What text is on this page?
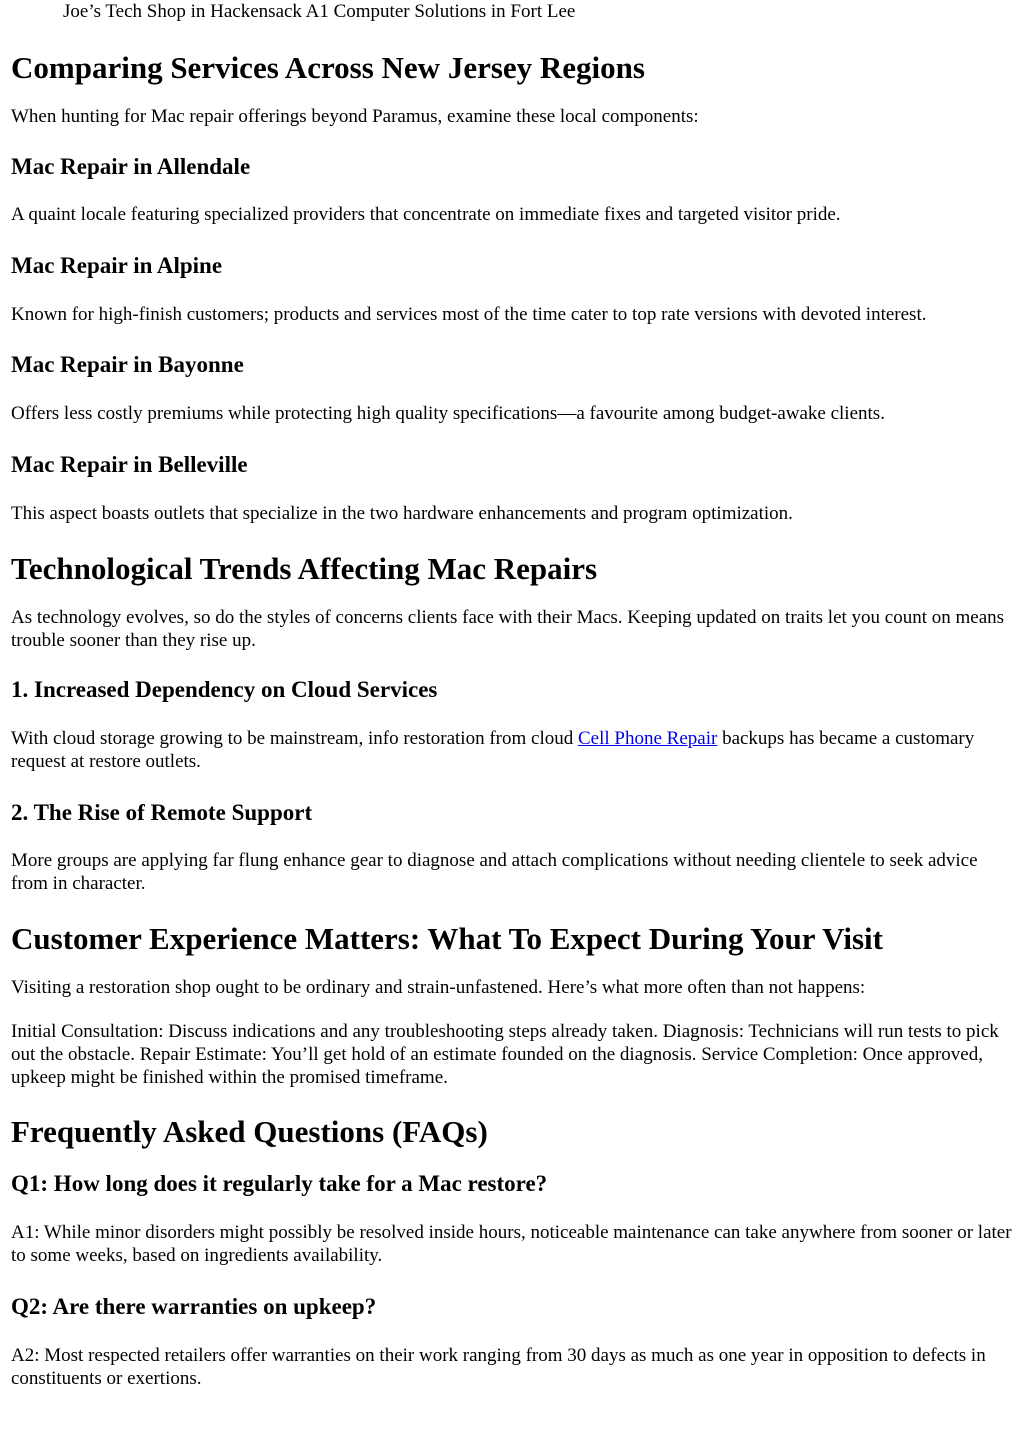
Joe’s Tech Shop in Hackensack A1 Computer Solutions in Fort Lee
Comparing Services Across New Jersey Regions

When hunting for Mac repair offerings beyond Paramus, examine these local components:

Mac Repair in Allendale

A quaint locale featuring specialized providers that concentrate on immediate fixes and targeted visitor pride.

Mac Repair in Alpine

Known for high-finish customers; products and services most of the time cater to top rate versions with devoted interest.

Mac Repair in Bayonne

Offers less costly premiums while protecting high quality specifications—a favourite among budget-awake clients.

Mac Repair in Belleville

This aspect boasts outlets that specialize in the two hardware enhancements and program optimization.

Technological Trends Affecting Mac Repairs

As technology evolves, so do the styles of concerns clients face with their Macs. Keeping updated on traits let you count on means trouble sooner than they rise up.

1. Increased Dependency on Cloud Services

With cloud storage growing to be mainstream, info restoration from cloud Cell Phone Repair backups has became a customary request at restore outlets.

2. The Rise of Remote Support

More groups are applying far flung enhance gear to diagnose and attach complications without needing clientele to seek advice from in character.

Customer Experience Matters: What To Expect During Your Visit

Visiting a restoration shop ought to be ordinary and strain-unfastened. Here’s what more often than not happens:

Initial Consultation: Discuss indications and any troubleshooting steps already taken. Diagnosis: Technicians will run tests to pick out the obstacle. Repair Estimate: You’ll get hold of an estimate founded on the diagnosis. Service Completion: Once approved, upkeep might be finished within the promised timeframe.

Frequently Asked Questions (FAQs)
Q1: How long does it regularly take for a Mac restore?

A1: While minor disorders might possibly be resolved inside hours, noticeable maintenance can take anywhere from sooner or later to some weeks, based on ingredients availability.

Q2: Are there warranties on upkeep?

A2: Most respected retailers offer warranties on their work ranging from 30 days as much as one year in opposition to defects in constituents or exertions.
